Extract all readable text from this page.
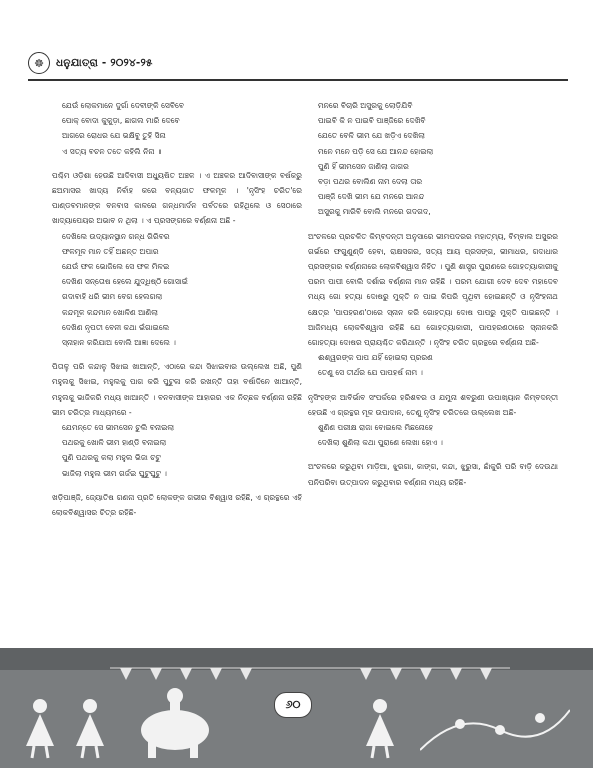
☸	ଧନୁଯାତ୍ରା - ୨୦୨୪-୨୫
ଯେଉଁ ଲୋକମାନେ ଦୁର୍ଗା ଦେବୀଙ୍କି ସେବିବେ
ପୋକ୍ ବୋଦା କୁକୁଡ଼ା, ଛାଗଲ ମାରି ଦେବେ
ଆଗରେ ରୋଧର ଯେ ଭକ୍ଷିବୁ ତୁହି ସିନା
ଏ ସତ୍ୟ ବଚନ ତତେ କହିଲି ନିନା ॥
ପଶ୍ଚିମ ଓଡ଼ିଶା ହେଉଛି ଆଦିବାସୀ ଅଧ୍ୟୁଷିତ ଅଞ୍ଚଳ । ଏ ଅଞ୍ଚଳର ଆଦିବାସୀଙ୍କ ବର୍ଷକରୁ ଛଅମାସର ଖାଦ୍ୟ ନିର୍ବାହ କରେ ବନ୍ୟଜାତ ଫଳମୂଳ । 'ନୃସିଂହ ଚରିତ'ରେ ପାଣ୍ଡବମାନଙ୍କ ବନବାସ କାଳରେ ଗନ୍ଧମାର୍ଦନ ପର୍ବତରେ ରହିଥିଲେ ଓ ସେଠାରେ ଖାଦ୍ୟାପେୟର ଅଭାବ ନ ଥିଲା । ଏ ପ୍ରସଙ୍ଗରେ ବର୍ଣ୍ଣନା ଅଛି -
ଦେଖିଲେ ଉଦ୍ୟାନସ୍ଥାନ ଗନ୍ଧ ଗିରିବର
ଫଳମୂଳ ମାନ ତହିଁ ଅଛନ୍ତ ଅପାର
ଯେଉଁ ଫଳ ଭୋଜିଲେ ସେ ଫଳ ମିଳଇ
ଦେଖିଣ ସନ୍ତୋଷ ହେଲେ ଯୁଦ୍ଧିଷ୍ଠି ଗୋସାଇଁ
ଗଦାବାହି ଧରି ଭୀମ ବେଗ ହେଲଗଲା
କନ୍ଦମୂଳ କନ୍ଦମାନ ଖୋଳିଣ ଆଣିଲା
ଦେଖିଣ ନୃପତୀ ବେନୀ କଥା ଭଁଗାଇଲେ
ସ୍ନାହାନ କରିଯାଅ ବୋଲି ଆଜ୍ଞା ଦେଲେ ।
ପିତାଳୁ ପରି କନ୍ଦାଳୁ ସିଝାଇ ଖାଆନ୍ତି, ଏଠାରେ କନ୍ଦା ସିଝାଇବାର ଉଲ୍ଲେଖ ଅଛି, ପୁଣି ମହୁଲକୁ ସିଝାଇ, ମହୁଲକୁ ପାଗ କରି ପୁଟୁଳା କରି ରଖନ୍ତି ତାହା ବର୍ଷାଦିନେ ଖାଆନ୍ତି, ମହୁଲକୁ ଭାଜିକରି ମଧ୍ୟ ଖାଆନ୍ତି । ବନବାସୀଙ୍କ ଆହାରର ଏକ ନିଚ୍ଛକ ବର୍ଣ୍ଣନା ରହିଛି ଭୀମ ଚରିତ୍ର ମାଧ୍ୟମରେ -
ଯେମନ୍ତେ ସେ ଭୀମସେନ ଚୁଲି ବନାଇଲା
ପଥରକୁ ଖୋଳି ଭୀମ ହାଣ୍ଡି ବନାଇଲା
ପୁଣି ପଥରକୁ କଲା ମହୁଲ ଭିଜା ଚଟୁ
ଭାଜିଲା ମହୁଲ ଭୀମ ଗର୍ଜଇ ଘୁଟୁଘୁଟୁ ।
ଖଡ଼ିପାଞ୍ଜି, ଜ୍ୟୋତିଷ ଗଣନା ପ୍ରତି ଲୋକଙ୍କ ଗଭୀର ବିଶ୍ୱାସ ରହିଛି, ଏ ଗ୍ରନ୍ଥରେ ଏହି ଲୋକବିଶ୍ୱାସର ଚିତ୍ର ରହିଛି-
ମନରେ ବିଚାରି ଅସୁରକୁ ଲୋଡ଼ିଯିବି
ପାଇବି କି ନ ପାଇବି ପାଞ୍ଜିରେ ଦେଖିବି
ଯେତେ ବେଳି ଭୀମ ଯେ ଖଡ଼ିଏ ଦେଖିଲା
ମନେ ମନେ ପଡ଼ି ସେ ଯେ ଆନନ୍ଦ ହୋଇଲା
ପୁଣି ହିଁ ଭୀମସେନ ଜାଣିଲା ଜାଗର
ବଡ଼ା ପଥର ବୋଲିଣ ନାମ ଦେଲା ତାର
ପାଞ୍ଜି ଦେଖି ଭୀମ ଯେ ମନରେ ଆନନ୍ଦ
ଅସୁରକୁ ମାରିବି ବୋଲି ମନରେ ଗଦଗଦ,
ଅଂଚଳରେ ପ୍ରଚଳିତ କିମ୍ବଦନ୍ତୀ ଅନୁସାରେ ଭୀମପଦରର ମହାତ୍ମ୍ୟ, ବିମ୍ବାଲ ଅସୁରର ଗର୍ଭରେ ଫଗୁଣୁଣ୍ଡି ହେବା, ରାକ୍ଷସଗର, ସତ୍ୟ ଆୟ ପ୍ରସଙ୍ଗ, ଭୀମାଧର, ଗଦାଧାର ପ୍ରସଙ୍ଗର ବର୍ଣ୍ଣନାରେ ଲୋକବିଶ୍ୱାସ ନିହିତ । ପୁଣି ଶାସ୍ତ୍ର ପୁରାଣରେ ଗୋହତ୍ୟାକାରୀକୁ ପରମ ପାପୀ ବୋଲି ଦର୍ଶାଇ ବର୍ଣ୍ଣନା ମାନ ରହିଛି । ପରମ ଯୋଗୀ ଦେବ ଦେବ ମହାଦେବ ମଧ୍ୟ ଗୋ ହତ୍ୟା ଦୋଷରୁ ମୁକ୍ତି ନ ପାଇ କିପରି ପୃଥିବୀ ହୋଇଛନ୍ତି ଓ ନୃସିଂହନାଥ କ୍ଷେତ୍ର 'ପାପହରଣ'ଠାରେ ସ୍ନାନ କରି ଗୋହତ୍ୟା ଦୋଷ ପାପରୁ ମୁକ୍ତି ପାଇଛନ୍ତି । ଆଜିମଧ୍ୟ ଲୋକବିଶ୍ୱାସ ରହିଛି ଯେ ଗୋହତ୍ୟାକାରୀ, ପାପହରଣଠାରେ ସ୍ନାନକରି ଗୋହତ୍ୟା ଦୋଷର ପ୍ରାୟଶ୍ଚିତ କରିଥାନ୍ତି । ନୃସିଂହ ଚରିତ ଗ୍ରନ୍ଥରେ ବର୍ଣ୍ଣନା ଅଛି-
ଈଶ୍ୱରଙ୍କ ପାପ ଯହିଁ ହୋଇଲା ପ୍ରରଣ
ତେଣୁ ସେ ତୀର୍ଥର ଯେ ପାପହର୍ଷ ନାମ ।
ନୃସିଂହଙ୍କ ଆବିର୍ଭାବ ସଂପର୍କରେ ହରିଶବର ଓ ଯମୁନା ଶବରୁଣୀ ଉପାଖ୍ୟାନ କିମ୍ବଦନ୍ତୀ ହେଉଛି ଏ ଗ୍ରନ୍ଥର ମୂଳ ଉପାଦାନ, ତେଣୁ ନୃସିଂହ ଚରିତରେ ଉଲ୍ଲେଖ ଅଛି-
ଶୁଣିଣ ପରୀକ୍ଷ ରାଜା ବୋଇଲେ ମିଛନୋହେ
ଦେଖିଲା ଶୁଣିଲା କଥା ପୁରାଣେ ଲେଖା ହୋଏ ।
ଅଂଚଳରେ କରୁଥିବା ମାଡ଼ିଆ, ଝୁରଗା, କାଙ୍ଗ, କନ୍ଦା, ଝୁରୁସା, ଛାଁକୁରି ପରି ବାଡ଼ି ଦେଉଥା ପନିପରିବା ଉତ୍ପାଦନ କରୁଥିବାର ବର୍ଣ୍ଣନା ମଧ୍ୟ ରହିଛି-
୬୦
